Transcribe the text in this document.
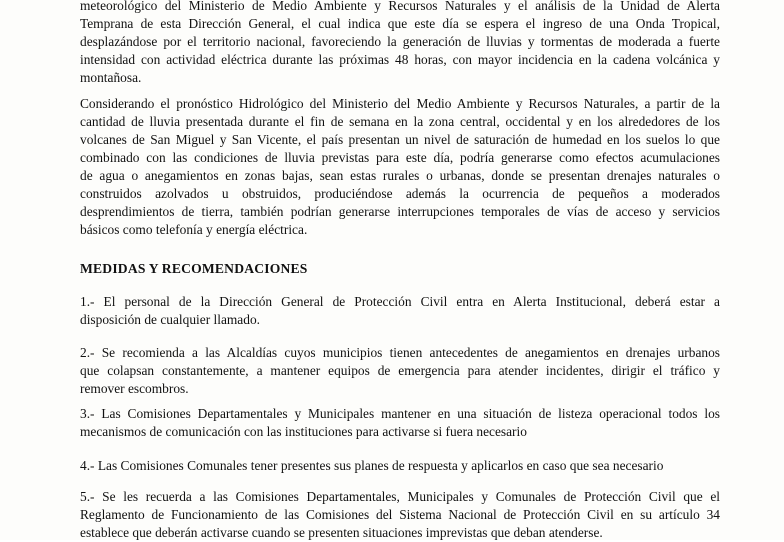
meteorológico del Ministerio de Medio Ambiente y Recursos Naturales y el análisis de la Unidad de Alerta
Temprana de esta Dirección General, el cual indica que este día se espera el ingreso de una Onda Tropical,
desplazándose por el territorio nacional, favoreciendo la generación de lluvias y tormentas de moderada a fuerte
intensidad con actividad eléctrica durante las próximas 48 horas, con mayor incidencia en la cadena volcánica y
montañosa.

Considerando el pronóstico Hidrológico del Ministerio del Medio Ambiente y Recursos Naturales, a partir de la
cantidad de lluvia presentada durante el fin de semana en la zona central, occidental y en los alrededores de los
volcanes de San Miguel y San Vicente, el país presentan un nivel de saturación de humedad en los suelos lo que
combinado con las condiciones de lluvia previstas para este día, podría generarse como efectos acumulaciones
de agua o anegamientos en zonas bajas, sean estas rurales o urbanas, donde se presentan drenajes naturales o
construidos azolvados u obstruidos, produciéndose además la ocurrencia de pequeños a moderados
desprendimientos de tierra, también podrían generarse interrupciones temporales de vías de acceso y servicios
básicos como telefonía y energía eléctrica.

MEDIDAS Y RECOMENDACIONES

1.- El personal de la Dirección General de Protección Civil entra en Alerta Institucional, deberá estar a
disposición de cualquier llamado.

2.- Se recomienda a las Alcaldías cuyos municipios tienen antecedentes de anegamientos en drenajes urbanos
que colapsan constantemente, a mantener equipos de emergencia para atender incidentes, dirigir el tráfico y
remover escombros.

3.- Las Comisiones Departamentales y Municipales mantener en una situación de listeza operacional todos los
mecanismos de comunicación con las instituciones para activarse si fuera necesario

4.- Las Comisiones Comunales tener presentes sus planes de respuesta y aplicarlos en caso que sea necesario

5.- Se les recuerda a las Comisiones Departamentales, Municipales y Comunales de Protección Civil que el
Reglamento de Funcionamiento de las Comisiones del Sistema Nacional de Protección Civil en su artículo 34
establece que deberán activarse cuando se presenten situaciones imprevistas que deban atenderse.
